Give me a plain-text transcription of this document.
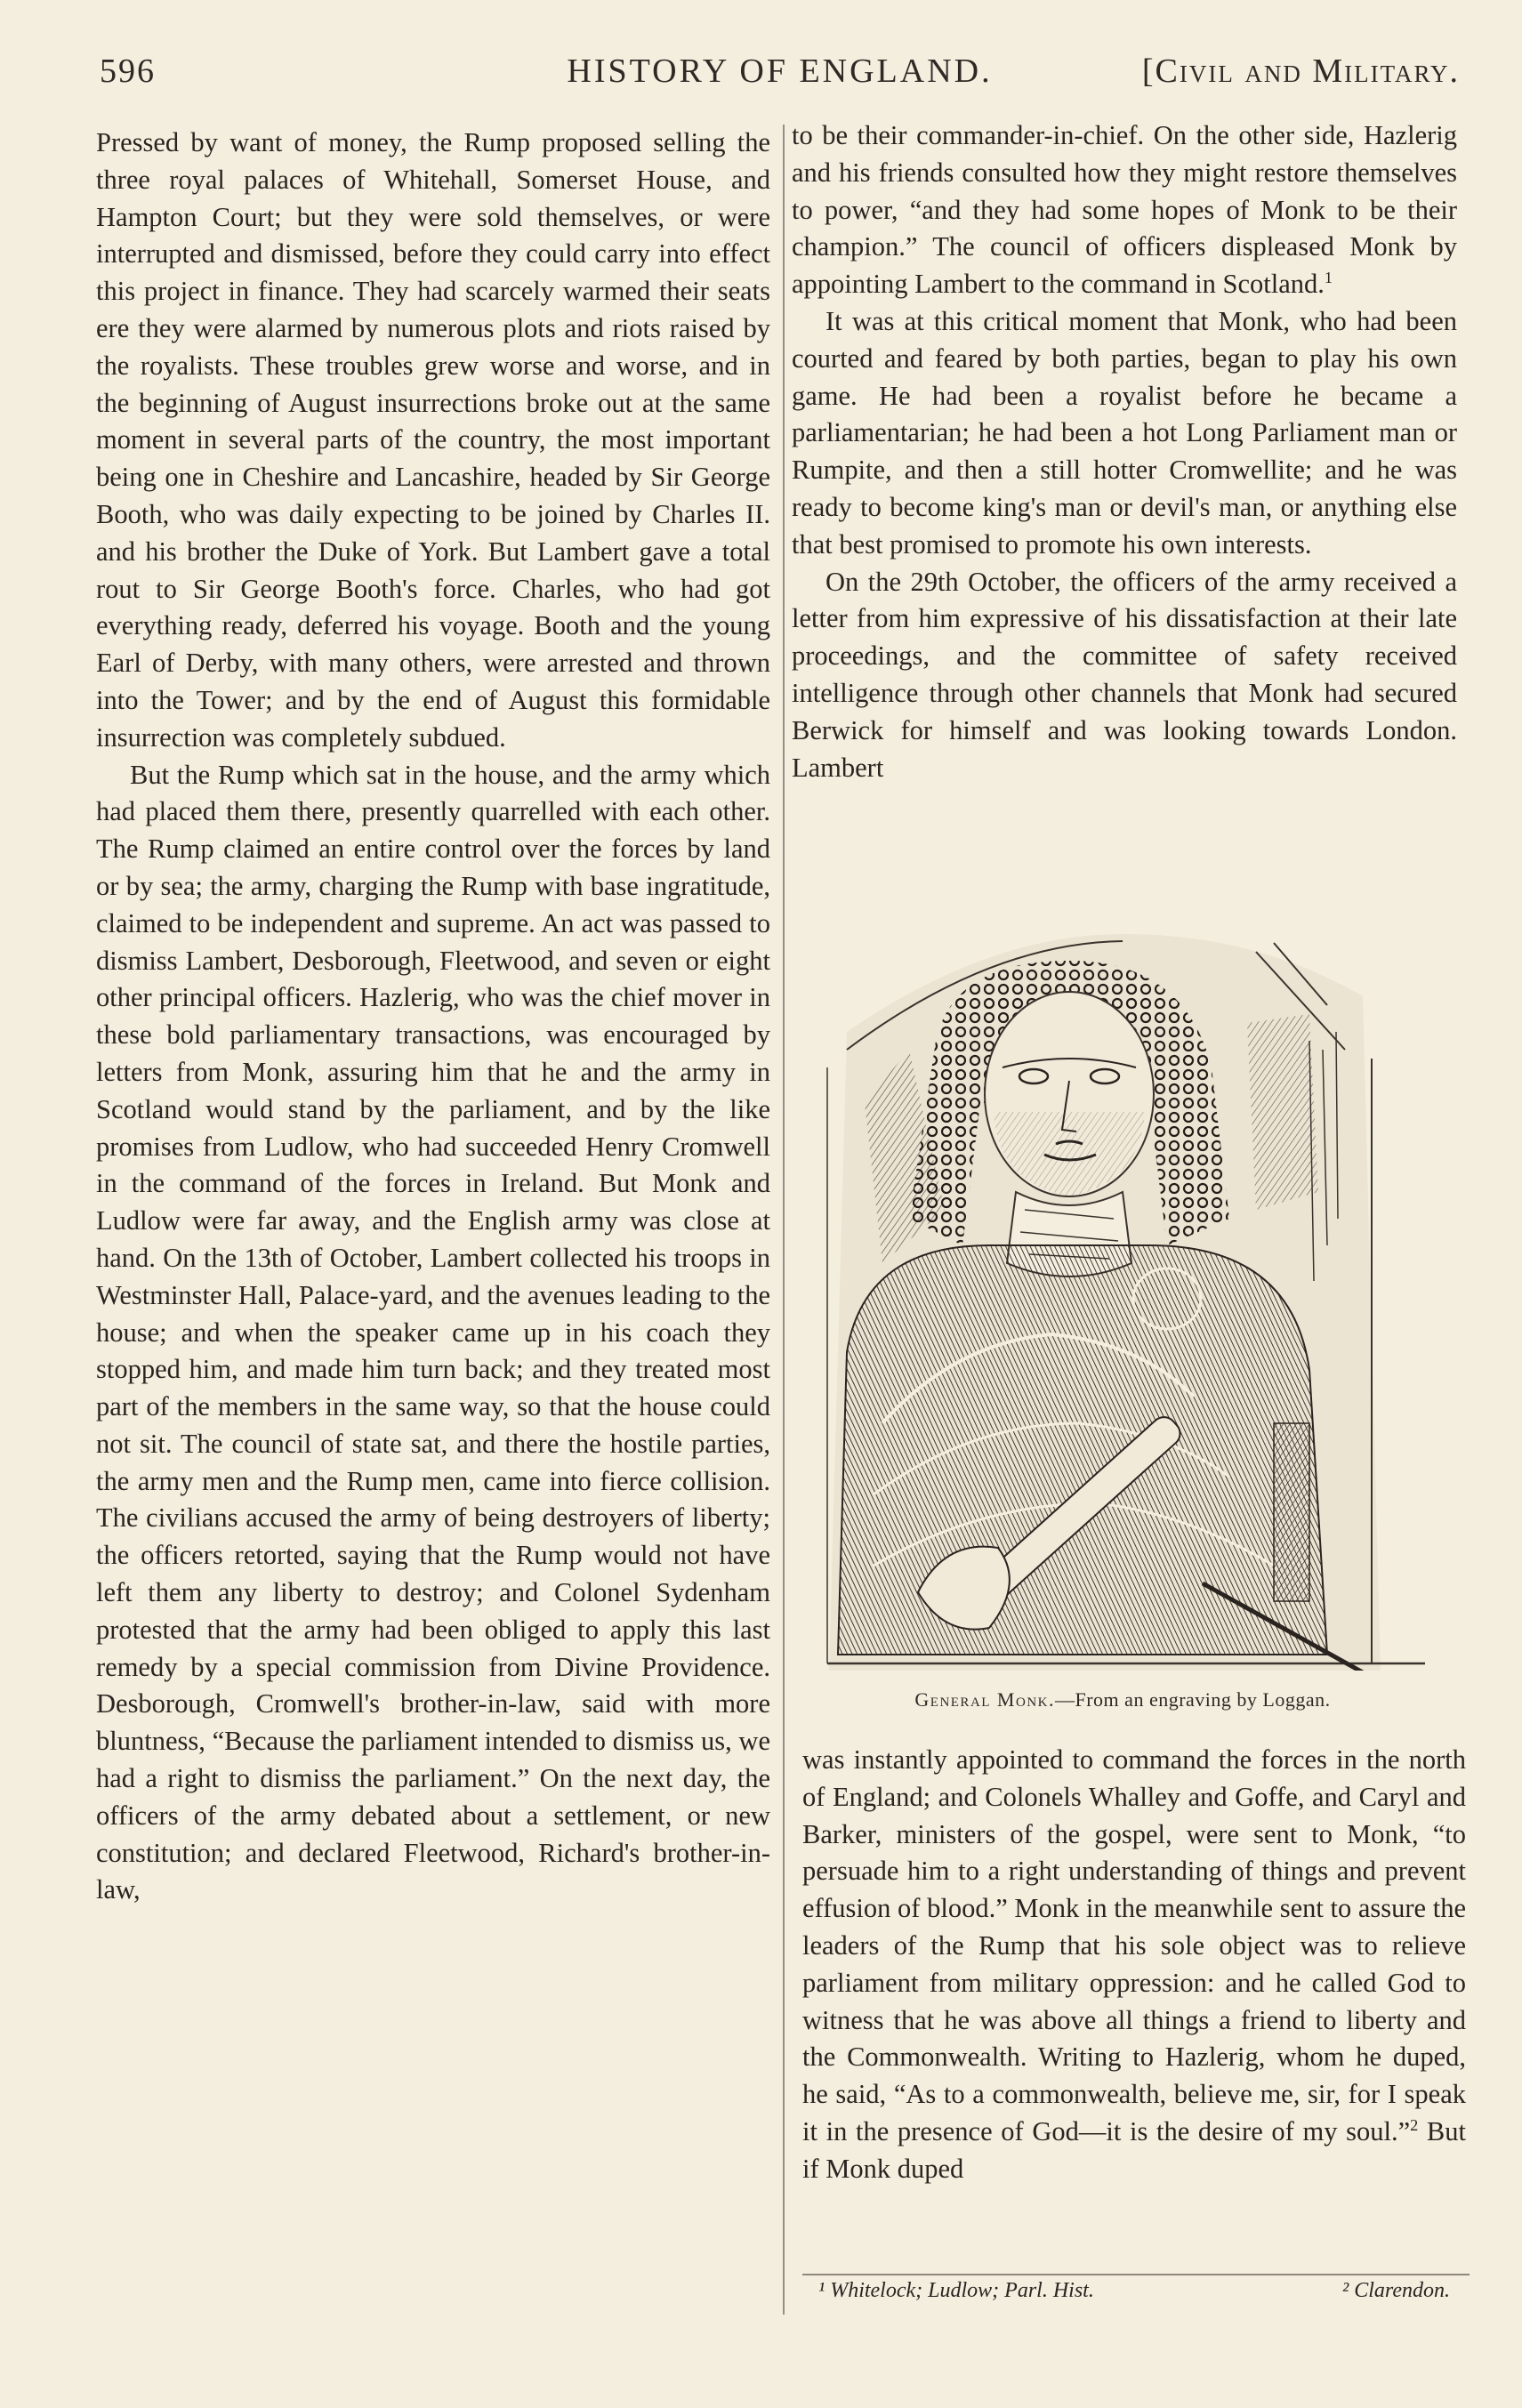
596	HISTORY OF ENGLAND.	[Civil and Military.

Pressed by want of money, the Rump proposed selling the three royal palaces of Whitehall, Somerset House, and Hampton Court; but they were sold themselves, or were interrupted and dismissed, before they could carry into effect this project in finance. They had scarcely warmed their seats ere they were alarmed by numerous plots and riots raised by the royalists. These troubles grew worse and worse, and in the beginning of August insurrections broke out at the same moment in several parts of the country, the most important being one in Cheshire and Lancashire, headed by Sir George Booth, who was daily expecting to be joined by Charles II. and his brother the Duke of York. But Lambert gave a total rout to Sir George Booth's force. Charles, who had got everything ready, deferred his voyage. Booth and the young Earl of Derby, with many others, were arrested and thrown into the Tower; and by the end of August this formidable insurrection was completely subdued.

But the Rump which sat in the house, and the army which had placed them there, presently quarrelled with each other. The Rump claimed an entire control over the forces by land or by sea; the army, charging the Rump with base ingratitude, claimed to be independent and supreme. An act was passed to dismiss Lambert, Desborough, Fleetwood, and seven or eight other principal officers. Hazlerig, who was the chief mover in these bold parliamentary transactions, was encouraged by letters from Monk, assuring him that he and the army in Scotland would stand by the parliament, and by the like promises from Ludlow, who had succeeded Henry Cromwell in the command of the forces in Ireland. But Monk and Ludlow were far away, and the English army was close at hand. On the 13th of October, Lambert collected his troops in Westminster Hall, Palace-yard, and the avenues leading to the house; and when the speaker came up in his coach they stopped him, and made him turn back; and they treated most part of the members in the same way, so that the house could not sit. The council of state sat, and there the hostile parties, the army men and the Rump men, came into fierce collision. The civilians accused the army of being destroyers of liberty; the officers retorted, saying that the Rump would not have left them any liberty to destroy; and Colonel Sydenham protested that the army had been obliged to apply this last remedy by a special commission from Divine Providence. Desborough, Cromwell's brother-in-law, said with more bluntness, “Because the parliament intended to dismiss us, we had a right to dismiss the parliament.” On the next day, the officers of the army debated about a settlement, or new constitution; and declared Fleetwood, Richard's brother-in-law,

to be their commander-in-chief. On the other side, Hazlerig and his friends consulted how they might restore themselves to power, “and they had some hopes of Monk to be their champion.” The council of officers displeased Monk by appointing Lambert to the command in Scotland.$^1$

It was at this critical moment that Monk, who had been courted and feared by both parties, began to play his own game. He had been a royalist before he became a parliamentarian; he had been a hot Long Parliament man or Rumpite, and then a still hotter Cromwellite; and he was ready to become king's man or devil's man, or anything else that best promised to promote his own interests.

On the 29th October, the officers of the army received a letter from him expressive of his dissatisfaction at their late proceedings, and the committee of safety received intelligence through other channels that Monk had secured Berwick for himself and was looking towards London. Lambert

General Monk.—From an engraving by Loggan.

was instantly appointed to command the forces in the north of England; and Colonels Whalley and Goffe, and Caryl and Barker, ministers of the gospel, were sent to Monk, “to persuade him to a right understanding of things and prevent effusion of blood.” Monk in the meanwhile sent to assure the leaders of the Rump that his sole object was to relieve parliament from military oppression: and he called God to witness that he was above all things a friend to liberty and the Commonwealth. Writing to Hazlerig, whom he duped, he said, “As to a commonwealth, believe me, sir, for I speak it in the presence of God—it is the desire of my soul.”$^2$ But if Monk duped

¹ Whitelock; Ludlow; Parl. Hist.	² Clarendon.
